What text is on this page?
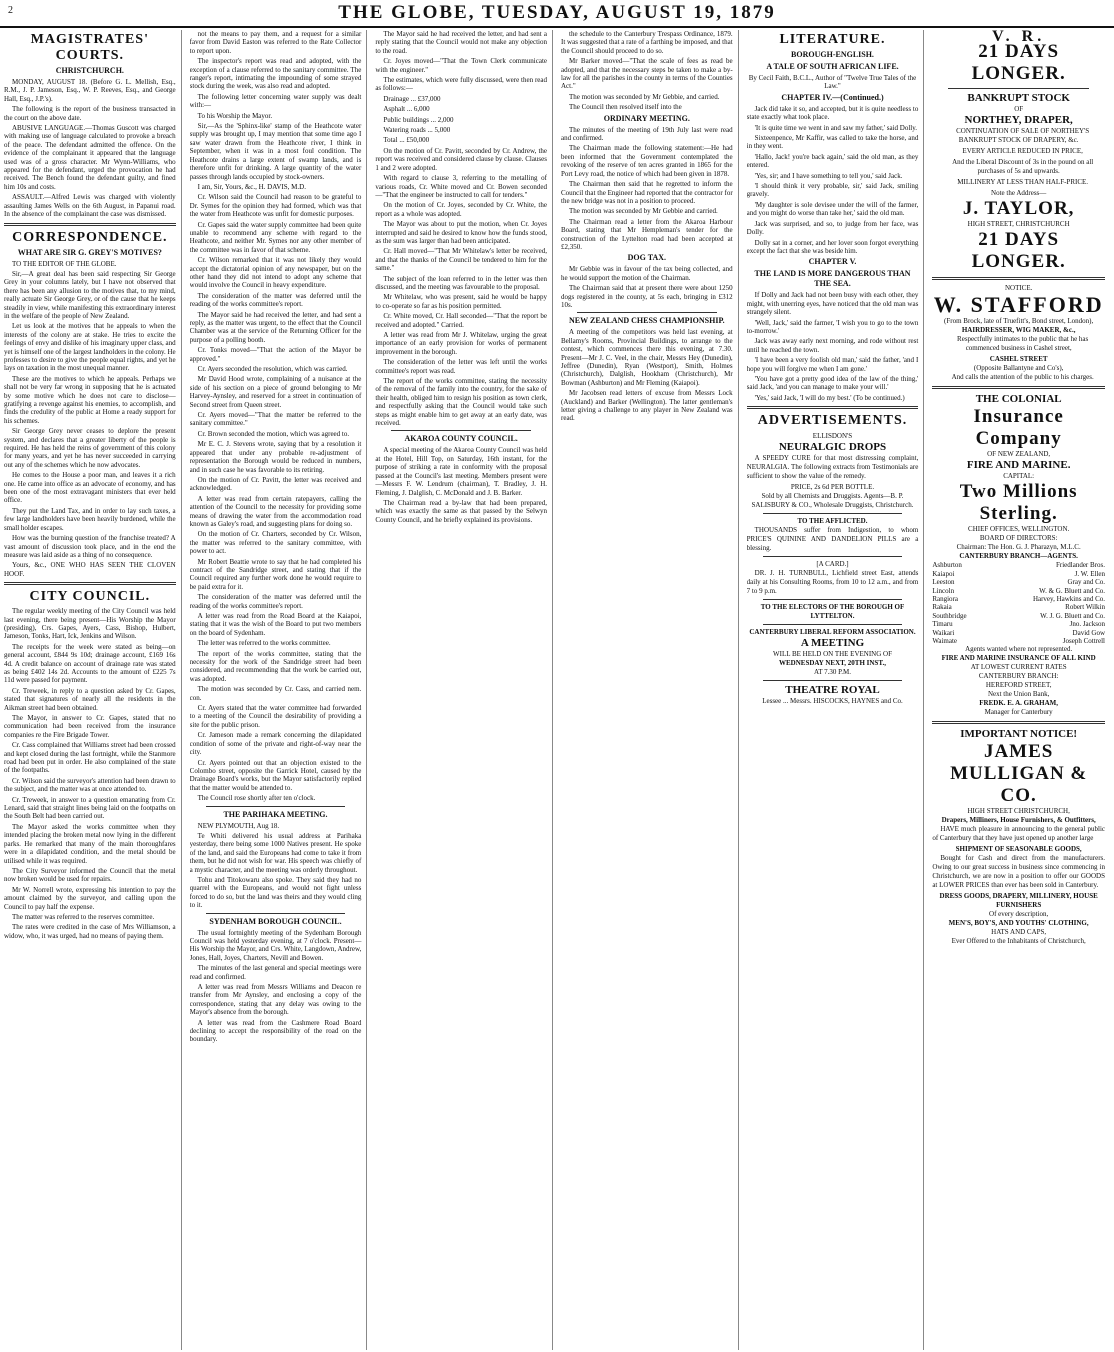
2	THE GLOBE, TUESDAY, AUGUST 19, 1879
MAGISTRATES' COURTS.
CHRISTCHURCH.

MONDAY, AUGUST 18. (Before G. L. Mellish, Esq., R.M., J. P. Jameson, Esq., W. P. Reeves, Esq., and George Hall, Esq., J.P.'s).

The following is the report of the business transacted in the court on the above date.

ABUSIVE LANGUAGE.—Thomas Guscott was charged with making use of language calculated to provoke a breach of the peace. The defendant admitted the offence. On the evidence of the complainant it appeared that the language used was of a gross character. Mr Wynn-Williams, who appeared for the defendant, urged the provocation he had received. The Bench found the defendant guilty, and fined him 10s and costs.

ASSAULT.—Alfred Lewis was charged with violently assaulting James Wells on the 6th August, in Papanui road. In the absence of the complainant the case was dismissed.

CORRESPONDENCE.
WHAT ARE SIR G. GREY'S MOTIVES?

TO THE EDITOR OF THE GLOBE.

Sir,—A great deal has been said respecting Sir George Grey in your columns lately, but I have not observed that there has been any allusion to the motives that, to my mind, really actuate Sir George Grey, or of the cause that he keeps steadily in view, while manifesting this extraordinary interest in the welfare of the people of New Zealand.

Let us look at the motives that he appeals to when the interests of the colony are at stake. He tries to excite the feelings of envy and dislike of his imaginary upper class, and yet is himself one of the largest landholders in the colony. He professes to desire to give the people equal rights, and yet he lays on taxation in the most unequal manner.

These are the motives to which he appeals. Perhaps we shall not be very far wrong in supposing that he is actuated by some motive which he does not care to disclose—gratifying a revenge against his enemies, to accomplish, and finds the credulity of the public at Home a ready support for his schemes.

Sir George Grey never ceases to deplore the present system, and declares that a greater liberty of the people is required. He has held the reins of government of this colony for many years, and yet he has never succeeded in carrying out any of the schemes which he now advocates.

He comes to the House a poor man, and leaves it a rich one. He came into office as an advocate of economy, and has been one of the most extravagant ministers that ever held office.

They put the Land Tax, and in order to lay such taxes, a few large landholders have been heavily burdened, while the small holder escapes.

How was the burning question of the franchise treated? A vast amount of discussion took place, and in the end the measure was laid aside as a thing of no consequence.

Yours, &c., ONE WHO HAS SEEN THE CLOVEN HOOF.

CITY COUNCIL.

The regular weekly meeting of the City Council was held last evening, there being present—His Worship the Mayor (presiding), Crs. Gapes, Ayers, Cass, Bishop, Hulbert, Jameson, Tonks, Hart, Ick, Jenkins and Wilson.

The receipts for the week were stated as being—on general account, £844 9s 10d; drainage account, £169 16s 4d. A credit balance on account of drainage rate was stated as being £402 14s 2d. Accounts to the amount of £225 7s 11d were passed for payment.

Cr. Treweek, in reply to a question asked by Cr. Gapes, stated that signatures of nearly all the residents in the Aikman street had been obtained.

The Mayor, in answer to Cr. Gapes, stated that no communication had been received from the insurance companies re the Fire Brigade Tower.

Cr. Cass complained that Williams street had been crossed and kept closed during the last fortnight, while the Stanmore road had been put in order. He also complained of the state of the footpaths.

Cr. Wilson said the surveyor's attention had been drawn to the subject, and the matter was at once attended to.

Cr. Treweek, in answer to a question emanating from Cr. Lenard, said that straight lines being laid on the footpaths on the South Belt had been carried out.

The Mayor asked the works committee when they intended placing the broken metal now lying in the different parks. He remarked that many of the main thoroughfares were in a dilapidated condition, and the metal should be utilised while it was required.

The City Surveyor informed the Council that the metal now broken would be used for repairs.

Mr W. Norrell wrote, expressing his intention to pay the amount claimed by the surveyor, and calling upon the Council to pay half the expense.

The matter was referred to the reserves committee.

The rates were credited in the case of Mrs Williamson, a widow, who, it was urged, had no means of paying them.

not the means to pay them, and a request for a similar favor from David Easton was referred to the Rate Collector to report upon.

The inspector's report was read and adopted, with the exception of a clause referred to the sanitary committee. The ranger's report, intimating the impounding of some strayed stock during the week, was also read and adopted.

The following letter concerning water supply was dealt with:—

To his Worship the Mayor.

Sir,—As the 'Sphinx-like' stamp of the Heathcote water supply was brought up, I may mention that some time ago I saw water drawn from the Heathcote river, I think in September, when it was in a most foul condition. The Heathcote drains a large extent of swamp lands, and is therefore unfit for drinking. A large quantity of the water passes through lands occupied by stock-owners.

I am, Sir, Yours, &c., H. DAVIS, M.D.

Cr. Wilson said the Council had reason to be grateful to Dr. Symes for the opinion they had formed, which was that the water from Heathcote was unfit for domestic purposes.

Cr. Gapes said the water supply committee had been quite unable to recommend any scheme with regard to the Heathcote, and neither Mr. Symes nor any other member of the committee was in favor of that scheme.

Cr. Wilson remarked that it was not likely they would accept the dictatorial opinion of any newspaper, but on the other hand they did not intend to adopt any scheme that would involve the Council in heavy expenditure.

The consideration of the matter was deferred until the reading of the works committee's report.

The Mayor said he had received the letter, and had sent a reply, as the matter was urgent, to the effect that the Council Chamber was at the service of the Returning Officer for the purpose of a polling booth.

Cr. Tonks moved—"That the action of the Mayor be approved."

Cr. Ayers seconded the resolution, which was carried.

Mr David Hood wrote, complaining of a nuisance at the side of his section on a piece of ground belonging to Mr Harvey-Aynsley, and reserved for a street in continuation of Second street from Queen street.

Cr. Ayers moved—"That the matter be referred to the sanitary committee."

Cr. Brown seconded the motion, which was agreed to.

Mr E. C. J. Stevens wrote, saying that by a resolution it appeared that under any probable re-adjustment of representation the Borough would be reduced in numbers, and in such case he was favorable to its retiring.

On the motion of Cr. Pavitt, the letter was received and acknowledged.

A letter was read from certain ratepayers, calling the attention of the Council to the necessity for providing some means of drawing the water from the accommodation road known as Galey's road, and suggesting plans for doing so.

On the motion of Cr. Charters, seconded by Cr. Wilson, the matter was referred to the sanitary committee, with power to act.

Mr Robert Beattie wrote to say that he had completed his contract of the Sandridge street, and stating that if the Council required any further work done he would require to be paid extra for it.

The consideration of the matter was deferred until the reading of the works committee's report.

A letter was read from the Road Board at the Kaiapoi, stating that it was the wish of the Board to put two members on the board of Sydenham.

The letter was referred to the works committee.

The report of the works committee, stating that the necessity for the work of the Sandridge street had been considered, and recommending that the work be carried out, was adopted.

The motion was seconded by Cr. Cass, and carried nem. con.

Cr. Ayers stated that the water committee had forwarded to a meeting of the Council the desirability of providing a site for the public prison.

Cr. Jameson made a remark concerning the dilapidated condition of some of the private and right-of-way near the city.

Cr. Ayers pointed out that an objection existed to the Colombo street, opposite the Garrick Hotel, caused by the Drainage Board's works, but the Mayor satisfactorily replied that the matter would be attended to.

The Council rose shortly after ten o'clock.

THE PARIHAKA MEETING.

NEW PLYMOUTH, Aug 18.

Te Whiti delivered his usual address at Parihaka yesterday, there being some 1000 Natives present. He spoke of the land, and said the Europeans had come to take it from them, but he did not wish for war. His speech was chiefly of a mystic character, and the meeting was orderly throughout.

Tohu and Titokowaru also spoke. They said they had no quarrel with the Europeans, and would not fight unless forced to do so, but the land was theirs and they would cling to it.

SYDENHAM BOROUGH COUNCIL.

The usual fortnightly meeting of the Sydenham Borough Council was held yesterday evening, at 7 o'clock. Present—His Worship the Mayor, and Crs. White, Langdown, Andrew, Jones, Hall, Joyes, Charters, Nevill and Bowen.

The minutes of the last general and special meetings were read and confirmed.

A letter was read from Messrs Williams and Deacon re transfer from Mr Aynsley, and enclosing a copy of the correspondence, stating that any delay was owing to the Mayor's absence from the borough.

A letter was read from the Cashmere Road Board declining to accept the responsibility of the road on the boundary.

The Mayor said he had received the letter, and had sent a reply stating that the Council would not make any objection to the road.

Cr. Joyes moved—"That the Town Clerk communicate with the engineer."

The estimates, which were fully discussed, were then read as follows:—

Drainage ... £37,000

Asphalt ... 6,000

Public buildings ... 2,000

Watering roads ... 5,000

Total ... £50,000

On the motion of Cr. Pavitt, seconded by Cr. Andrew, the report was received and considered clause by clause. Clauses 1 and 2 were adopted.

With regard to clause 3, referring to the metalling of various roads, Cr. White moved and Cr. Bowen seconded—"That the engineer be instructed to call for tenders."

On the motion of Cr. Joyes, seconded by Cr. White, the report as a whole was adopted.

The Mayor was about to put the motion, when Cr. Joyes interrupted and said he desired to know how the funds stood, as the sum was larger than had been anticipated.

Cr. Hall moved—"That Mr Whitelaw's letter be received, and that the thanks of the Council be tendered to him for the same."

The subject of the loan referred to in the letter was then discussed, and the meeting was favourable to the proposal.

Mr Whitelaw, who was present, said he would be happy to co-operate so far as his position permitted.

Cr. White moved, Cr. Hall seconded—"That the report be received and adopted." Carried.

A letter was read from Mr J. Whitelaw, urging the great importance of an early provision for works of permanent improvement in the borough.

The consideration of the letter was left until the works committee's report was read.

The report of the works committee, stating the necessity of the removal of the family into the country, for the sake of their health, obliged him to resign his position as town clerk, and respectfully asking that the Council would take such steps as might enable him to get away at an early date, was received.

AKAROA COUNTY COUNCIL.

A special meeting of the Akaroa County Council was held at the Hotel, Hill Top, on Saturday, 16th instant, for the purpose of striking a rate in conformity with the proposal passed at the Council's last meeting. Members present were—Messrs F. W. Lendrum (chairman), T. Bradley, J. H. Fleming, J. Dalglish, C. McDonald and J. B. Barker.

The Chairman read a by-law that had been prepared, which was exactly the same as that passed by the Selwyn County Council, and he briefly explained its provisions.

the schedule to the Canterbury Trespass Ordinance, 1879. It was suggested that a rate of a farthing be imposed, and that the Council should proceed to do so.

Mr Barker moved—"That the scale of fees as read be adopted, and that the necessary steps be taken to make a by-law for all the parishes in the county in terms of the Counties Act."

The motion was seconded by Mr Gebbie, and carried.

The Council then resolved itself into the

ORDINARY MEETING.

The minutes of the meeting of 19th July last were read and confirmed.

The Chairman made the following statement:—He had been informed that the Government contemplated the revoking of the reserve of ten acres granted in 1865 for the Port Levy road, the notice of which had been given in 1878.

The Chairman then said that he regretted to inform the Council that the Engineer had reported that the contractor for the new bridge was not in a position to proceed.

The motion was seconded by Mr Gebbie and carried.

The Chairman read a letter from the Akaroa Harbour Board, stating that Mr Hempleman's tender for the construction of the Lyttelton road had been accepted at £2,350.

DOG TAX.

Mr Gebbie was in favour of the tax being collected, and he would support the motion of the Chairman.

The Chairman said that at present there were about 1250 dogs registered in the county, at 5s each, bringing in £312 10s.

NEW ZEALAND CHESS CHAMPIONSHIP.

A meeting of the competitors was held last evening, at Bellamy's Rooms, Provincial Buildings, to arrange to the contest, which commences there this evening, at 7.30. Present—Mr J. C. Veel, in the chair, Messrs Hey (Dunedin), Jeffree (Dunedin), Ryan (Westport), Smith, Holmes (Christchurch), Dalglish, Hookham (Christchurch), Mr Bowman (Ashburton) and Mr Fleming (Kaiapoi).

Mr Jacobsen read letters of excuse from Messrs Lock (Auckland) and Barker (Wellington). The latter gentleman's letter giving a challenge to any player in New Zealand was read.

LITERATURE.
BOROUGH-ENGLISH.
A TALE OF SOUTH AFRICAN LIFE.

By Cecil Faith, B.C.L., Author of "Twelve True Tales of the Law."

CHAPTER IV.—(Continued.)

Jack did take it so, and accepted, but it is quite needless to state exactly what took place.

'It is quite time we went in and saw my father,' said Dolly.

Sixteenpence, Mr Kaffir, was called to take the horse, and in they went.

'Hallo, Jack! you're back again,' said the old man, as they entered.

'Yes, sir; and I have something to tell you,' said Jack.

'I should think it very probable, sir,' said Jack, smiling gravely.

'My daughter is sole devisee under the will of the farmer, and you might do worse than take her,' said the old man.

Jack was surprised, and so, to judge from her face, was Dolly.

Dolly sat in a corner, and her lover soon forgot everything except the fact that she was beside him.

CHAPTER V.
THE LAND IS MORE DANGEROUS THAN THE SEA.

If Dolly and Jack had not been busy with each other, they might, with unerring eyes, have noticed that the old man was strangely silent.

'Well, Jack,' said the farmer, 'I wish you to go to the town to-morrow.'

Jack was away early next morning, and rode without rest until he reached the town.

'I have been a very foolish old man,' said the father, 'and I hope you will forgive me when I am gone.'

'You have got a pretty good idea of the law of the thing,' said Jack, 'and you can manage to make your will.'

'Yes,' said Jack, 'I will do my best.' (To be continued.)

ADVERTISEMENTS.
ELLISDON'S
NEURALGIC DROPS

A SPEEDY CURE for that most distressing complaint, NEURALGIA. The following extracts from Testimonials are sufficient to show the value of the remedy.

PRICE, 2s 6d PER BOTTLE.
Sold by all Chemists and Druggists. Agents—B. P. SALISBURY & CO., Wholesale Druggists, Christchurch.
TO THE AFFLICTED.

THOUSANDS suffer from Indigestion, to whom PRICE'S QUININE AND DANDELION PILLS are a blessing.

[A CARD.]

DR. J. H. TURNBULL, Lichfield street East, attends daily at his Consulting Rooms, from 10 to 12 a.m., and from 7 to 9 p.m.

TO THE ELECTORS OF THE BOROUGH OF LYTTELTON.
CANTERBURY LIBERAL REFORM ASSOCIATION.
A MEETING
WILL BE HELD ON THE EVENING OF
WEDNESDAY NEXT, 20TH INST.,
AT 7.30 P.M.
THEATRE ROYAL
Lessee ... Messrs. HISCOCKS, HAYNES and Co.
V. R.
21 DAYS LONGER.
BANKRUPT STOCK
OF
NORTHEY, DRAPER,

CONTINUATION OF SALE OF NORTHEY'S BANKRUPT STOCK OF DRAPERY, &c.

EVERY ARTICLE REDUCED IN PRICE,

And the Liberal Discount of 3s in the pound on all purchases of 5s and upwards.

MILLINERY AT LESS THAN HALF-PRICE.

Note the Address—
J. TAYLOR,
HIGH STREET, CHRISTCHURCH
21 DAYS LONGER.
NOTICE.
W. STAFFORD
(From Brock, late of Truefitt's, Bond street, London),
HAIRDRESSER, WIG MAKER, &c.,

Respectfully intimates to the public that he has commenced business in Cashel street,

CASHEL STREET
(Opposite Ballantyne and Co's),

And calls the attention of the public to his charges.

THE COLONIAL
Insurance Company
OF NEW ZEALAND,
FIRE AND MARINE.
CAPITAL:
Two Millions Sterling.
CHIEF OFFICES, WELLINGTON.
BOARD OF DIRECTORS:
Chairman: The Hon. G. J. Pharazyn, M.L.C.
CANTERBURY BRANCH—AGENTS.
Ashburton	Friedlander Bros.
Kaiapoi	J. W. Ellen
Leeston	Gray and Co.
Lincoln	W. & G. Bluett and Co.
Rangiora	Harvey, Hawkins and Co.
Rakaia	Robert Wilkin
Southbridge	W. J. G. Bluett and Co.
Timaru	Jno. Jackson
Waikari	David Gow
Waimate	Joseph Cottrell
Agents wanted where not represented.
FIRE AND MARINE INSURANCE OF ALL KIND
AT LOWEST CURRENT RATES
CANTERBURY BRANCH:
HEREFORD STREET,
Next the Union Bank,
FREDK. E. A. GRAHAM,
Manager for Canterbury
IMPORTANT NOTICE!
JAMES MULLIGAN & CO.
HIGH STREET CHRISTCHURCH,
Drapers, Milliners, House Furnishers, & Outfitters,

HAVE much pleasure in announcing to the general public of Canterbury that they have just opened up another large

SHIPMENT OF SEASONABLE GOODS,

Bought for Cash and direct from the manufacturers. Owing to our great success in business since commencing in Christchurch, we are now in a position to offer our GOODS at LOWER PRICES than ever has been sold in Canterbury.

DRESS GOODS, DRAPERY, MILLINERY, HOUSE FURNISHERS
Of every description,
MEN'S, BOY'S, AND YOUTHS' CLOTHING,
HATS AND CAPS,
Ever Offered to the Inhabitants of Christchurch,
